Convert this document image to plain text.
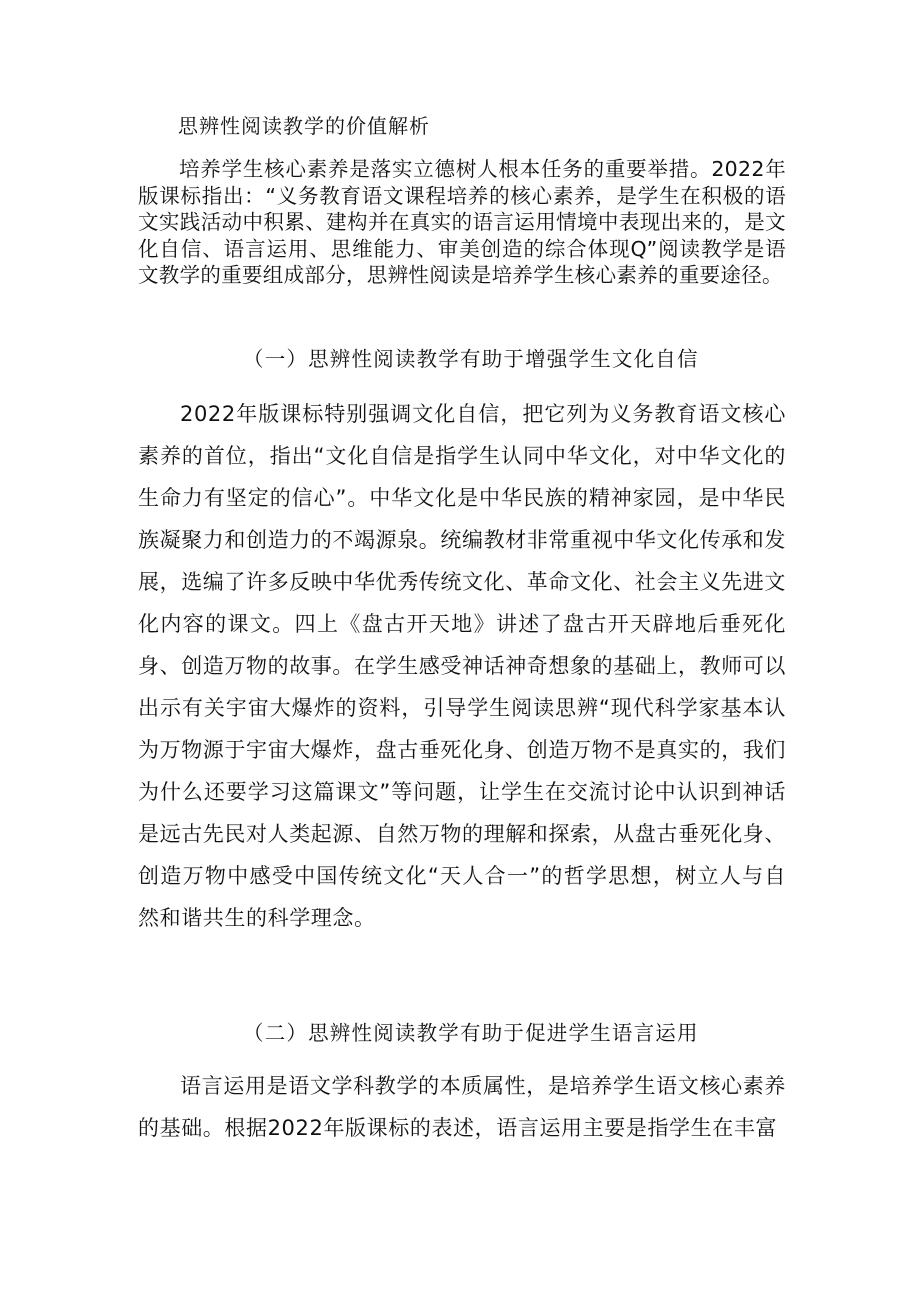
思辨性阅读教学的价值解析

培养学生核心素养是落实立德树人根本任务的重要举措。2022年版课标指出：“义务教育语文课程培养的核心素养，是学生在积极的语文实践活动中积累、建构并在真实的语言运用情境中表现出来的，是文化自信、语言运用、思维能力、审美创造的综合体现Q”阅读教学是语文教学的重要组成部分，思辨性阅读是培养学生核心素养的重要途径。

（一）思辨性阅读教学有助于增强学生文化自信

2022年版课标特别强调文化自信，把它列为义务教育语文核心素养的首位，指出“文化自信是指学生认同中华文化，对中华文化的生命力有坚定的信心”。中华文化是中华民族的精神家园，是中华民族凝聚力和创造力的不竭源泉。统编教材非常重视中华文化传承和发展，选编了许多反映中华优秀传统文化、革命文化、社会主义先进文化内容的课文。四上《盘古开天地》讲述了盘古开天辟地后垂死化身、创造万物的故事。在学生感受神话神奇想象的基础上，教师可以出示有关宇宙大爆炸的资料，引导学生阅读思辨“现代科学家基本认为万物源于宇宙大爆炸，盘古垂死化身、创造万物不是真实的，我们为什么还要学习这篇课文”等问题，让学生在交流讨论中认识到神话是远古先民对人类起源、自然万物的理解和探索，从盘古垂死化身、创造万物中感受中国传统文化“天人合一”的哲学思想，树立人与自然和谐共生的科学理念。

（二）思辨性阅读教学有助于促进学生语言运用

语言运用是语文学科教学的本质属性，是培养学生语文核心素养的基础。根据2022年版课标的表述，语言运用主要是指学生在丰富
